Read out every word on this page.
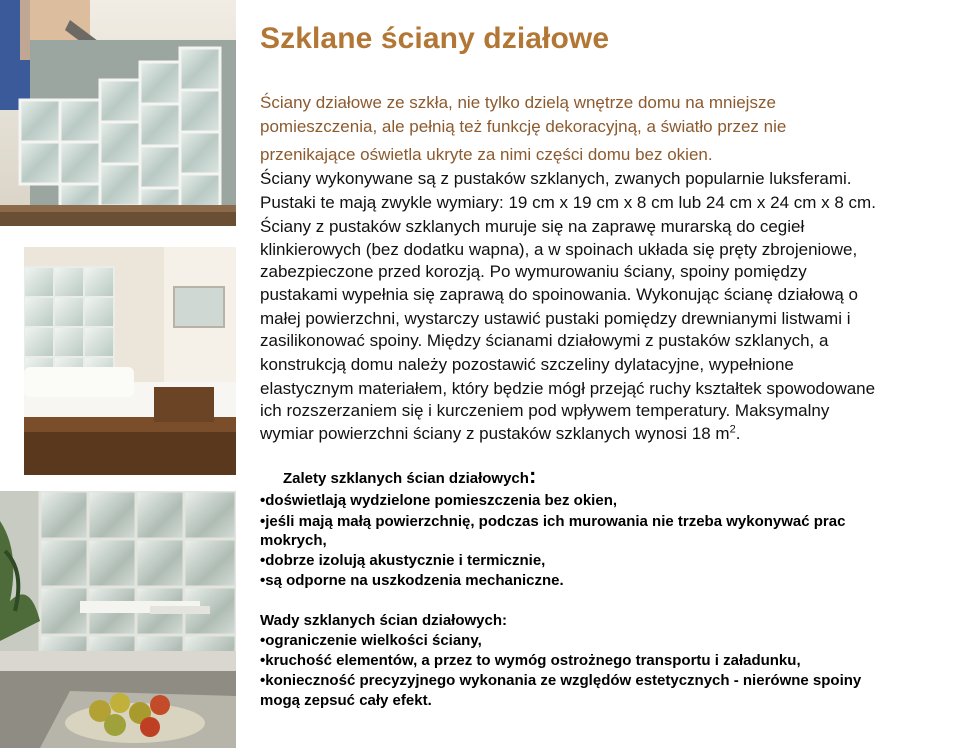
Szklane ściany działowe
Ściany działowe ze szkła, nie tylko dzielą wnętrze domu na mniejsze
pomieszczenia, ale pełnią też funkcję dekoracyjną, a światło przez nie
przenikające oświetla ukryte za nimi części domu bez okien.
Ściany wykonywane są z pustaków szklanych, zwanych popularnie luksferami.
Pustaki te mają zwykle wymiary: 19 cm x 19 cm x 8 cm lub 24 cm x 24 cm x 8 cm.
Ściany z pustaków szklanych muruje się na zaprawę murarską do cegieł
klinkierowych (bez dodatku wapna), a w spoinach układa się pręty zbrojeniowe,
zabezpieczone przed korozją. Po wymurowaniu ściany, spoiny pomiędzy
pustakami wypełnia się zaprawą do spoinowania. Wykonując ścianę działową o
małej powierzchni, wystarczy ustawić pustaki pomiędzy drewnianymi listwami i
zasilikonować spoiny. Między ścianami działowymi z pustaków szklanych, a
konstrukcją domu należy pozostawić szczeliny dylatacyjne, wypełnione
elastycznym materiałem, który będzie mógł przejąć ruchy kształtek spowodowane
ich rozszerzaniem się i kurczeniem pod wpływem temperatury. Maksymalny
wymiar powierzchni ściany z pustaków szklanych wynosi 18 $m^2$.
Zalety szklanych ścian działowych:
•doświetlają wydzielone pomieszczenia bez okien,
•jeśli mają małą powierzchnię, podczas ich murowania nie trzeba wykonywać prac
mokrych,
•dobrze izolują akustycznie i termicznie,
•są odporne na uszkodzenia mechaniczne.
Wady szklanych ścian działowych:
•ograniczenie wielkości ściany,
•kruchość elementów, a przez to wymóg ostrożnego transportu i załadunku,
•konieczność precyzyjnego wykonania ze względów estetycznych - nierówne spoiny
mogą zepsuć cały efekt.
